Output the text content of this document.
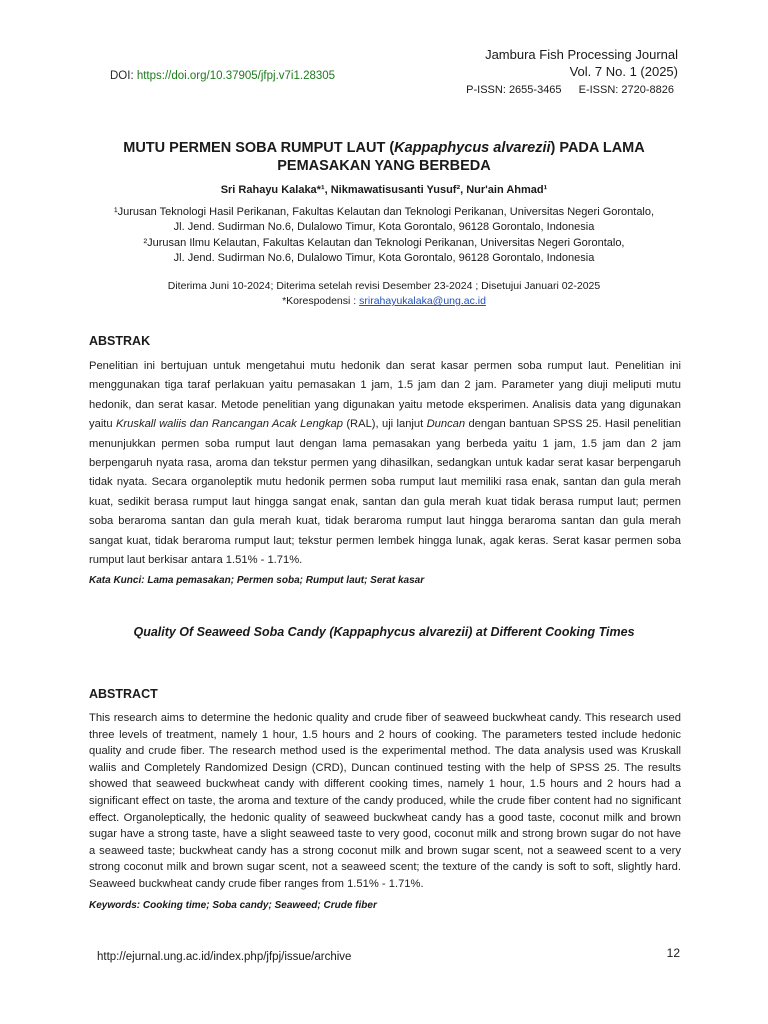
Jambura Fish Processing Journal
Vol. 7 No. 1 (2025)
P-ISSN: 2655-3465 E-ISSN: 2720-8826
DOI: https://doi.org/10.37905/jfpj.v7i1.28305
MUTU PERMEN SOBA RUMPUT LAUT (Kappaphycus alvarezii) PADA LAMA
PEMASAKAN YANG BERBEDA
Sri Rahayu Kalaka*¹, Nikmawatisusanti Yusuf², Nur'ain Ahmad¹
¹Jurusan Teknologi Hasil Perikanan, Fakultas Kelautan dan Teknologi Perikanan, Universitas Negeri Gorontalo,
Jl. Jend. Sudirman No.6, Dulalowo Timur, Kota Gorontalo, 96128 Gorontalo, Indonesia
²Jurusan Ilmu Kelautan, Fakultas Kelautan dan Teknologi Perikanan, Universitas Negeri Gorontalo,
Jl. Jend. Sudirman No.6, Dulalowo Timur, Kota Gorontalo, 96128 Gorontalo, Indonesia
Diterima Juni 10-2024; Diterima setelah revisi Desember 23-2024 ; Disetujui Januari 02-2025
*Korespodensi : srirahayukalaka@ung.ac.id
ABSTRAK
Penelitian ini bertujuan untuk mengetahui mutu hedonik dan serat kasar permen soba rumput laut. Penelitian ini menggunakan tiga taraf perlakuan yaitu pemasakan 1 jam, 1.5 jam dan 2 jam. Parameter yang diuji meliputi mutu hedonik, dan serat kasar. Metode penelitian yang digunakan yaitu metode eksperimen. Analisis data yang digunakan yaitu Kruskall waliis dan Rancangan Acak Lengkap (RAL), uji lanjut Duncan dengan bantuan SPSS 25. Hasil penelitian menunjukkan permen soba rumput laut dengan lama pemasakan yang berbeda yaitu 1 jam, 1.5 jam dan 2 jam berpengaruh nyata rasa, aroma dan tekstur permen yang dihasilkan, sedangkan untuk kadar serat kasar berpengaruh tidak nyata. Secara organoleptik mutu hedonik permen soba rumput laut memiliki rasa enak, santan dan gula merah kuat, sedikit berasa rumput laut hingga sangat enak, santan dan gula merah kuat tidak berasa rumput laut; permen soba beraroma santan dan gula merah kuat, tidak beraroma rumput laut hingga beraroma santan dan gula merah sangat kuat, tidak beraroma rumput laut; tekstur permen lembek hingga lunak, agak keras. Serat kasar permen soba rumput laut berkisar antara 1.51% - 1.71%.
Kata Kunci: Lama pemasakan; Permen soba; Rumput laut; Serat kasar
Quality Of Seaweed Soba Candy (Kappaphycus alvarezii) at Different Cooking Times
ABSTRACT
This research aims to determine the hedonic quality and crude fiber of seaweed buckwheat candy. This research used three levels of treatment, namely 1 hour, 1.5 hours and 2 hours of cooking. The parameters tested include hedonic quality and crude fiber. The research method used is the experimental method. The data analysis used was Kruskall waliis and Completely Randomized Design (CRD), Duncan continued testing with the help of SPSS 25. The results showed that seaweed buckwheat candy with different cooking times, namely 1 hour, 1.5 hours and 2 hours had a significant effect on taste, the aroma and texture of the candy produced, while the crude fiber content had no significant effect. Organoleptically, the hedonic quality of seaweed buckwheat candy has a good taste, coconut milk and brown sugar have a strong taste, have a slight seaweed taste to very good, coconut milk and strong brown sugar do not have a seaweed taste; buckwheat candy has a strong coconut milk and brown sugar scent, not a seaweed scent to a very strong coconut milk and brown sugar scent, not a seaweed scent; the texture of the candy is soft to soft, slightly hard. Seaweed buckwheat candy crude fiber ranges from 1.51% - 1.71%.
Keywords: Cooking time; Soba candy; Seaweed; Crude fiber
http://ejurnal.ung.ac.id/index.php/jfpj/issue/archive	12
